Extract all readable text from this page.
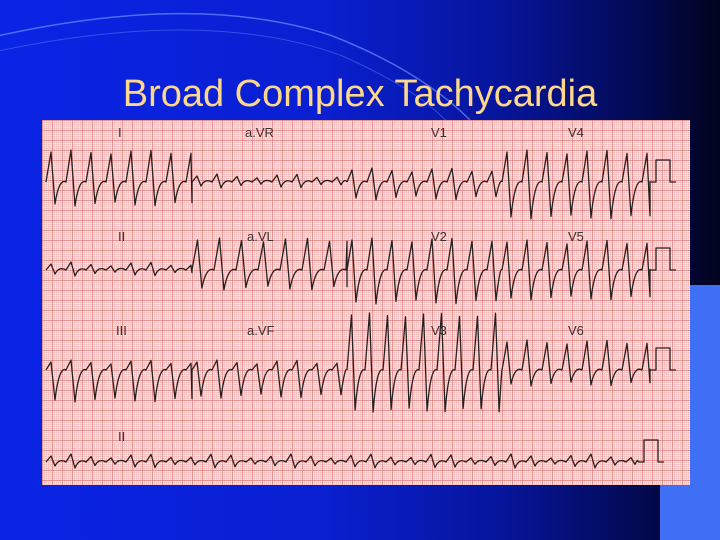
Broad Complex Tachycardia
I	a.VR	V1	V4
II	a.VL	V2	V5
III	a.VF	V3	V6
II
